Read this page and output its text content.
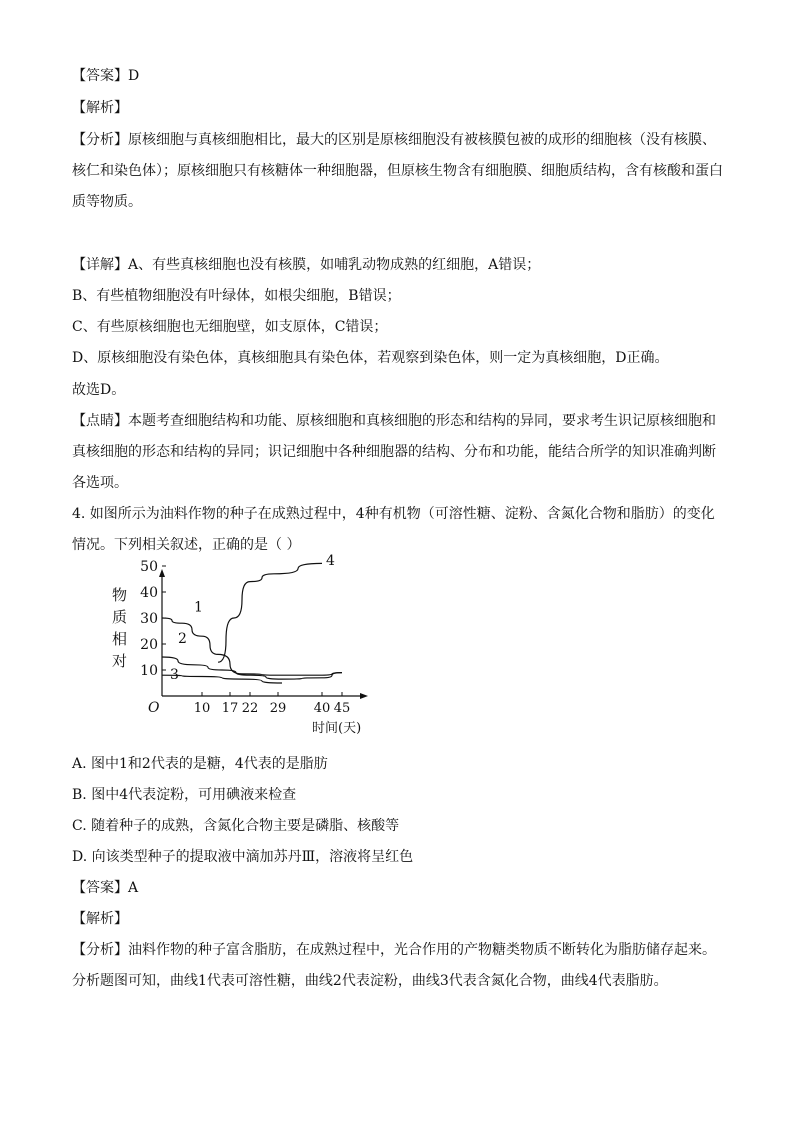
【答案】D
【解析】
【分析】原核细胞与真核细胞相比，最大的区别是原核细胞没有被核膜包被的成形的细胞核（没有核膜、
核仁和染色体）；原核细胞只有核糖体一种细胞器，但原核生物含有细胞膜、细胞质结构，含有核酸和蛋白
质等物质。
【详解】A、有些真核细胞也没有核膜，如哺乳动物成熟的红细胞，A错误；
B、有些植物细胞没有叶绿体，如根尖细胞，B错误；
C、有些原核细胞也无细胞壁，如支原体，C错误；
D、原核细胞没有染色体，真核细胞具有染色体，若观察到染色体，则一定为真核细胞，D正确。
故选D。
【点睛】本题考查细胞结构和功能、原核细胞和真核细胞的形态和结构的异同，要求考生识记原核细胞和
真核细胞的形态和结构的异同；识记细胞中各种细胞器的结构、分布和功能，能结合所学的知识准确判断
各选项。
4. 如图所示为油料作物的种子在成熟过程中，4种有机物（可溶性糖、淀粉、含氮化合物和脂肪）的变化
情况。下列相关叙述，正确的是（ ）
物
质
相
对
10
20
30
40
50
10 17 22 29 40 45
1
2
3
4
O
时间(天)
A. 图中1和2代表的是糖，4代表的是脂肪
B. 图中4代表淀粉，可用碘液来检查
C. 随着种子的成熟，含氮化合物主要是磷脂、核酸等
D. 向该类型种子的提取液中滴加苏丹Ⅲ，溶液将呈红色
【答案】A
【解析】
【分析】油料作物的种子富含脂肪，在成熟过程中，光合作用的产物糖类物质不断转化为脂肪储存起来。
分析题图可知，曲线1代表可溶性糖，曲线2代表淀粉，曲线3代表含氮化合物，曲线4代表脂肪。
